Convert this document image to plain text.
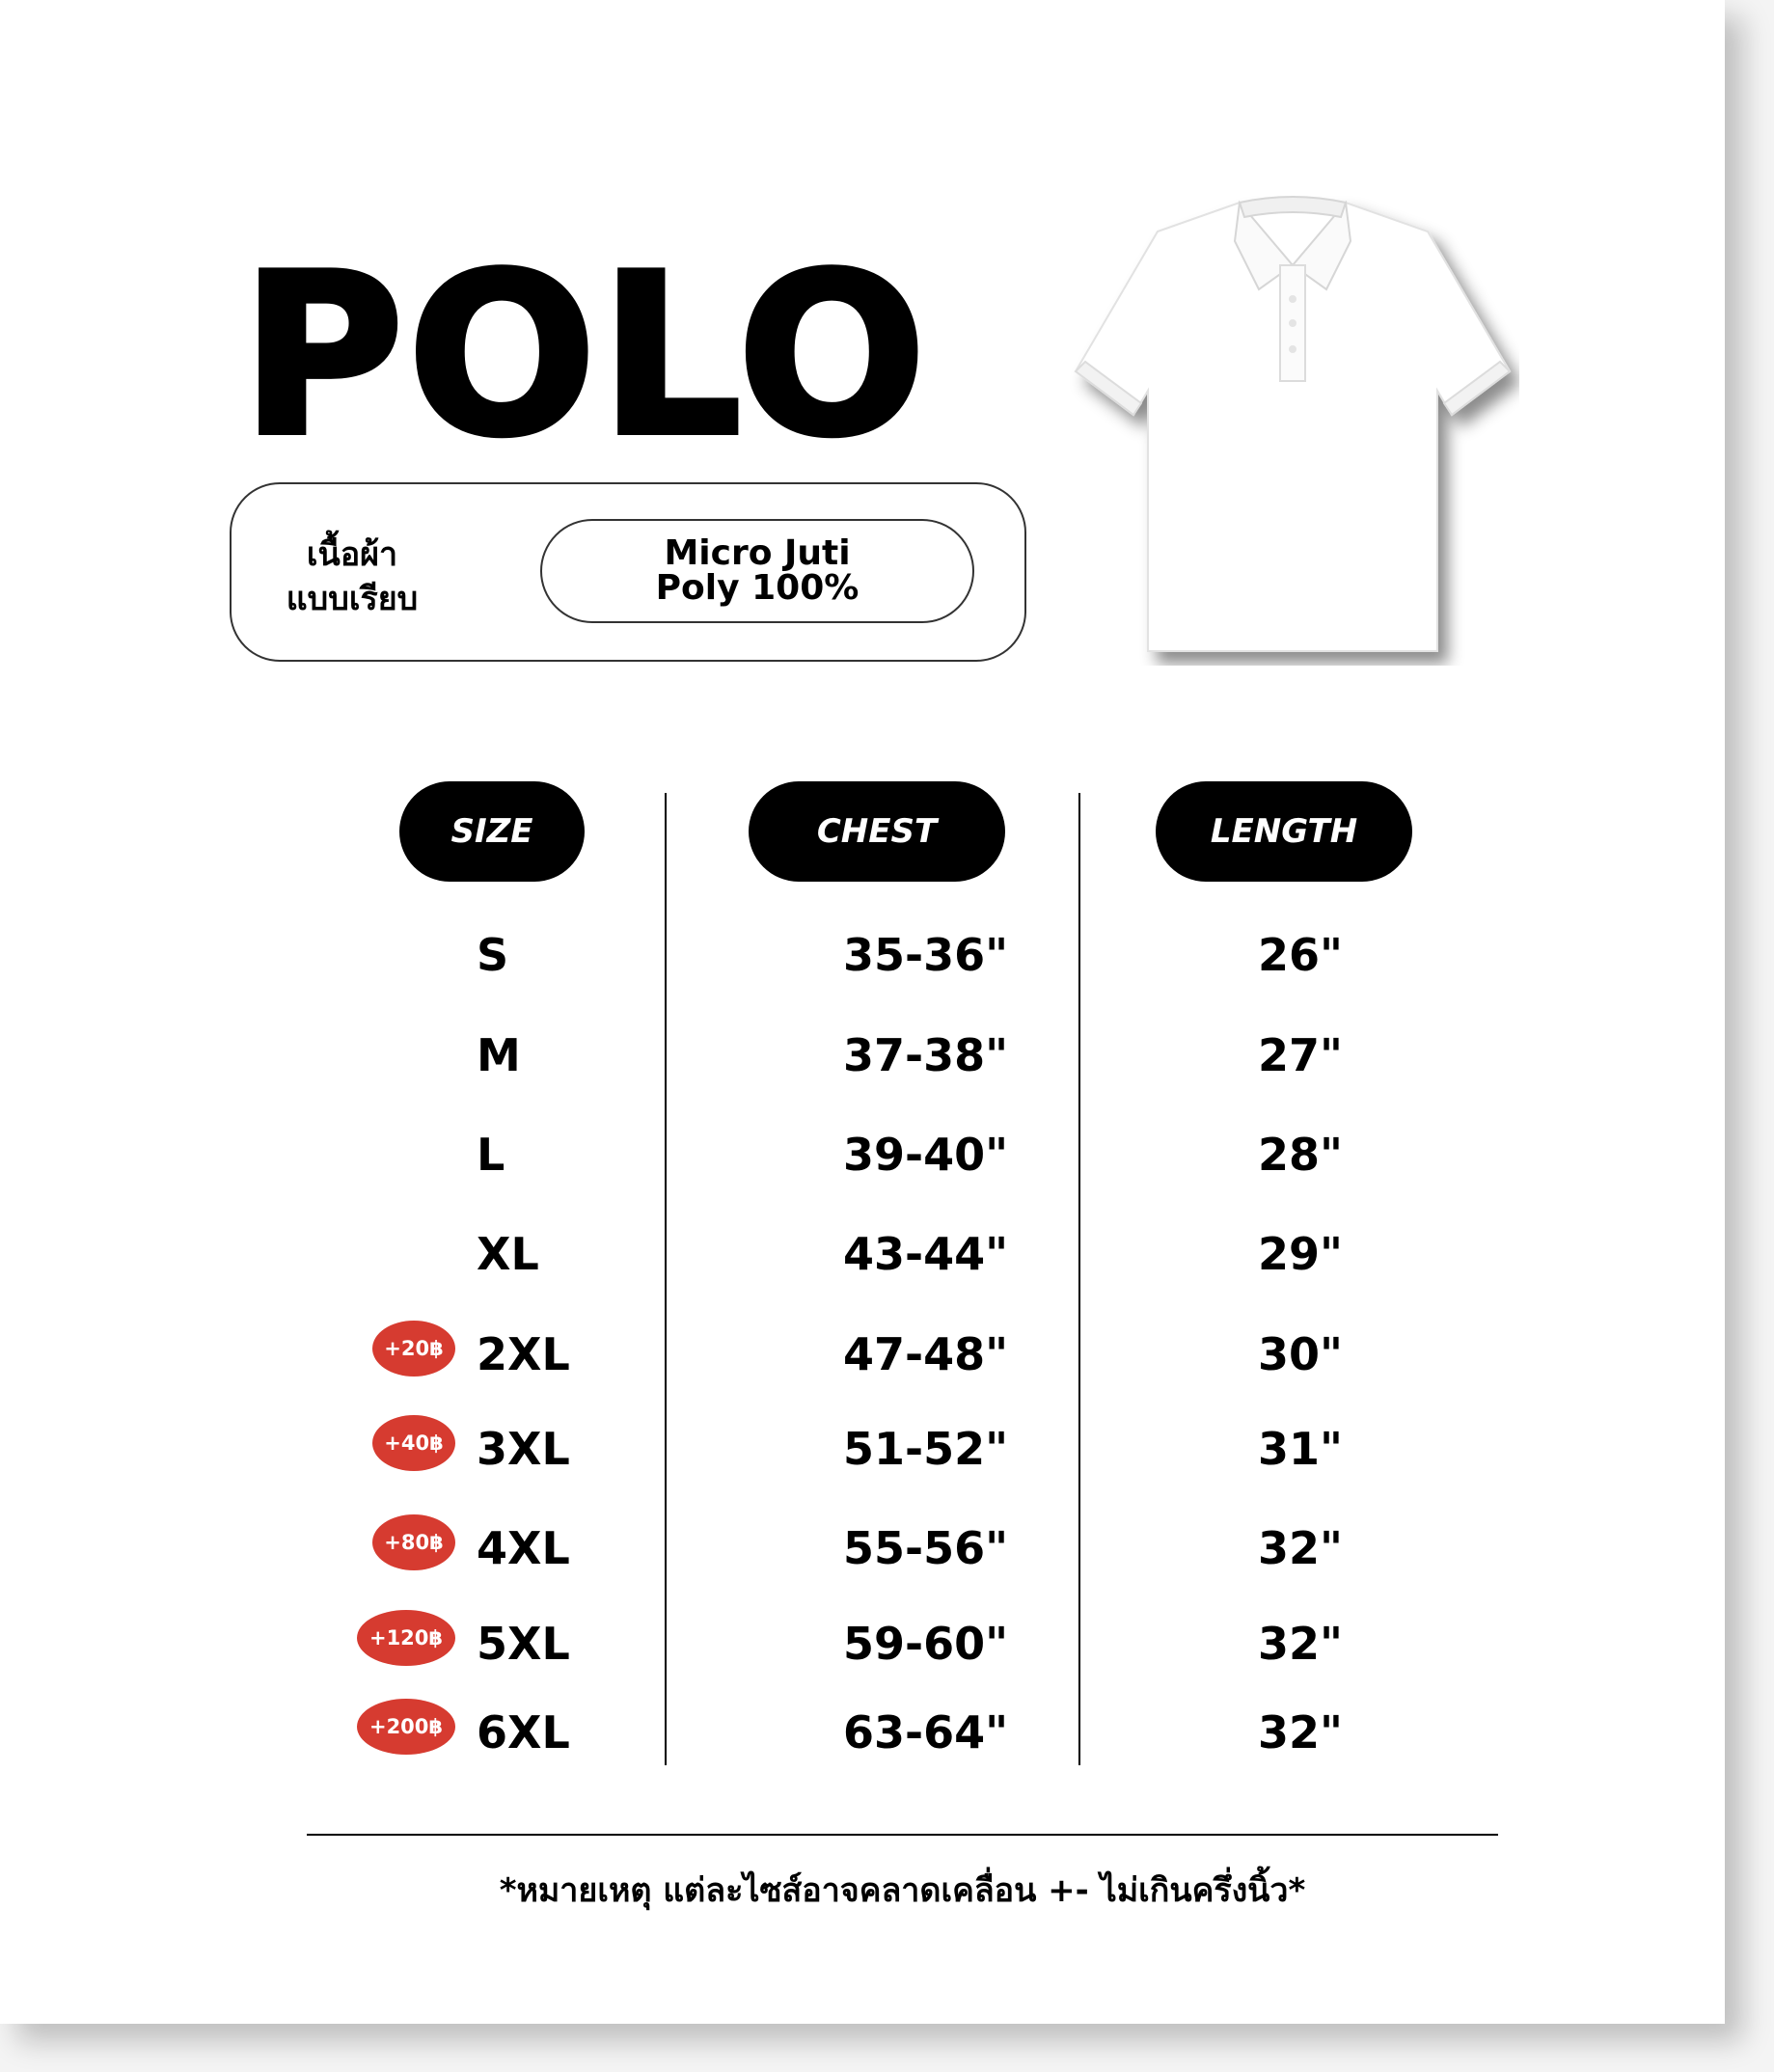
POLO
เนื้อผ้า
แบบเรียบ
Micro Juti
Poly 100%
SIZE	CHEST	LENGTH
S	35-36"	26"
M	37-38"	27"
L	39-40"	28"
XL	43-44"	29"
2XL	47-48"	30"
+20฿
3XL	51-52"	31"
+40฿
4XL	55-56"	32"
+80฿
5XL	59-60"	32"
+120฿
6XL	63-64"	32"
+200฿
*หมายเหตุ แต่ละไซส์อาจคลาดเคลื่อน +- ไม่เกินครึ่งนิ้ว*
